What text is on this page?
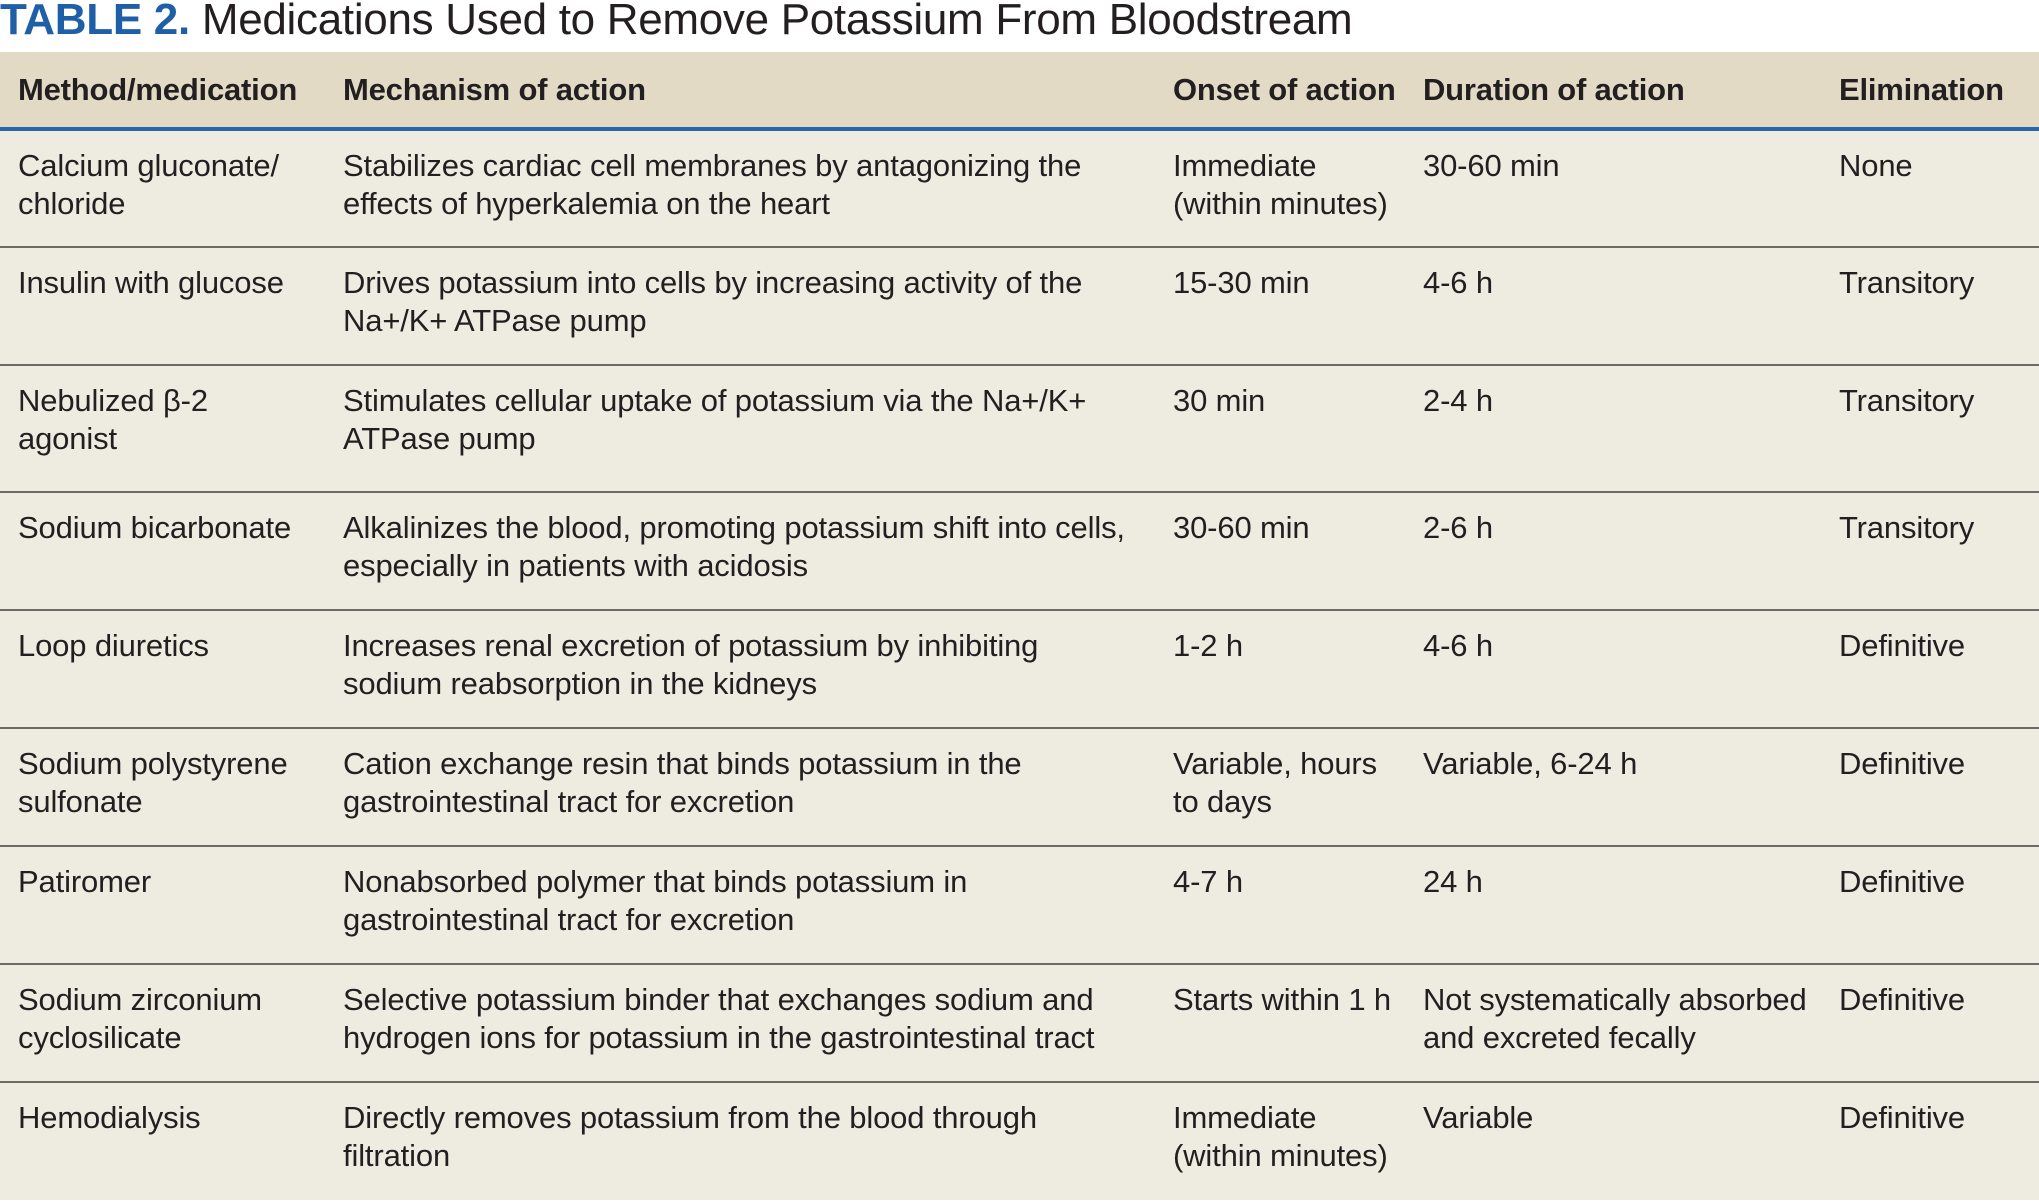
TABLE 2. Medications Used to Remove Potassium From Bloodstream
Method/medication	Mechanism of action	Onset of action	Duration of action	Elimination
Calcium gluconate/ chloride	Stabilizes cardiac cell membranes by antagonizing the effects of hyperkalemia on the heart	Immediate (within minutes)	30-60 min	None
Insulin with glucose	Drives potassium into cells by increasing activity of the Na+/K+ ATPase pump	15-30 min	4-6 h	Transitory
Nebulized β-2 agonist	Stimulates cellular uptake of potassium via the Na+/K+ ATPase pump	30 min	2-4 h	Transitory
Sodium bicarbonate	Alkalinizes the blood, promoting potassium shift into cells, especially in patients with acidosis	30-60 min	2-6 h	Transitory
Loop diuretics	Increases renal excretion of potassium by inhibiting sodium reabsorption in the kidneys	1-2 h	4-6 h	Definitive
Sodium polystyrene sulfonate	Cation exchange resin that binds potassium in the gastrointestinal tract for excretion	Variable, hours to days	Variable, 6-24 h	Definitive
Patiromer	Nonabsorbed polymer that binds potassium in gastrointestinal tract for excretion	4-7 h	24 h	Definitive
Sodium zirconium cyclosilicate	Selective potassium binder that exchanges sodium and hydrogen ions for potassium in the gastrointestinal tract	Starts within 1 h	Not systematically absorbed and excreted fecally	Definitive
Hemodialysis	Directly removes potassium from the blood through filtration	Immediate (within minutes)	Variable	Definitive
